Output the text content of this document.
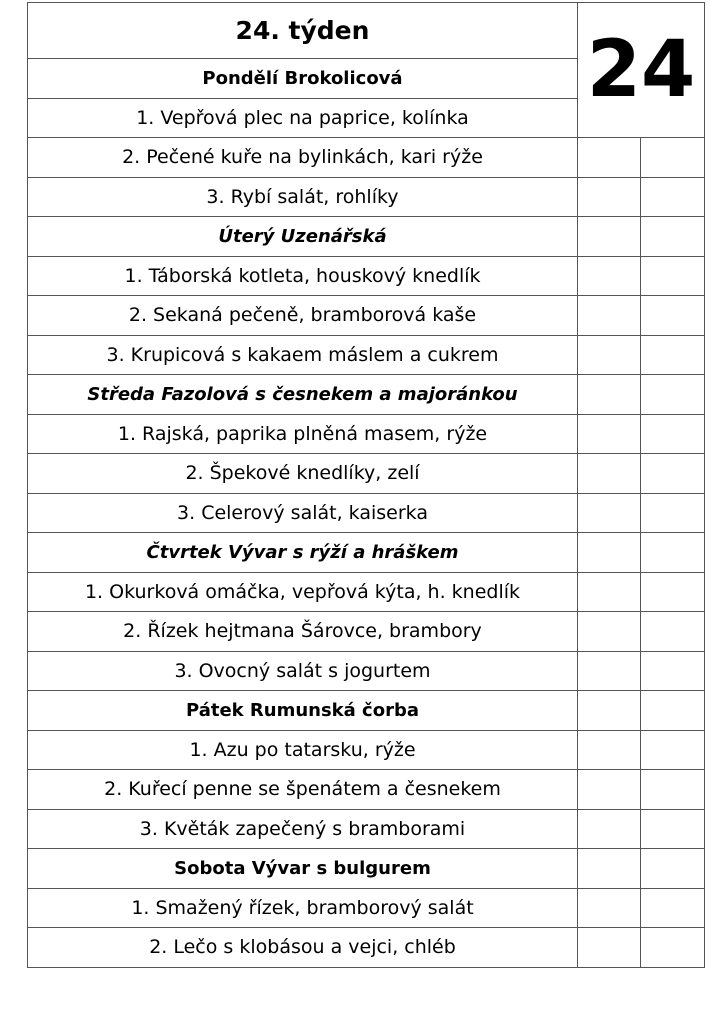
24. týden	24	
Pondělí Brokolicová		
1. Vepřová plec na paprice, kolínka		
2. Pečené kuře na bylinkách, kari rýže		
3. Rybí salát, rohlíky		
Úterý Uzenářská		
1. Táborská kotleta, houskový knedlík		
2. Sekaná pečeně, bramborová kaše		
3. Krupicová s kakaem máslem a cukrem		
Středa Fazolová s česnekem a majoránkou		
1. Rajská, paprika plněná masem, rýže		
2. Špekové knedlíky, zelí		
3. Celerový salát, kaiserka		
Čtvrtek Vývar s rýží a hráškem		
1. Okurková omáčka, vepřová kýta, h. knedlík		
2. Řízek hejtmana Šárovce, brambory		
3. Ovocný salát s jogurtem		
Pátek Rumunská čorba		
1. Azu po tatarsku, rýže		
2. Kuřecí penne se špenátem a česnekem		
3. Květák zapečený s bramborami		
Sobota Vývar s bulgurem		
1. Smažený řízek, bramborový salát		
2. Lečo s klobásou a vejci, chléb		
